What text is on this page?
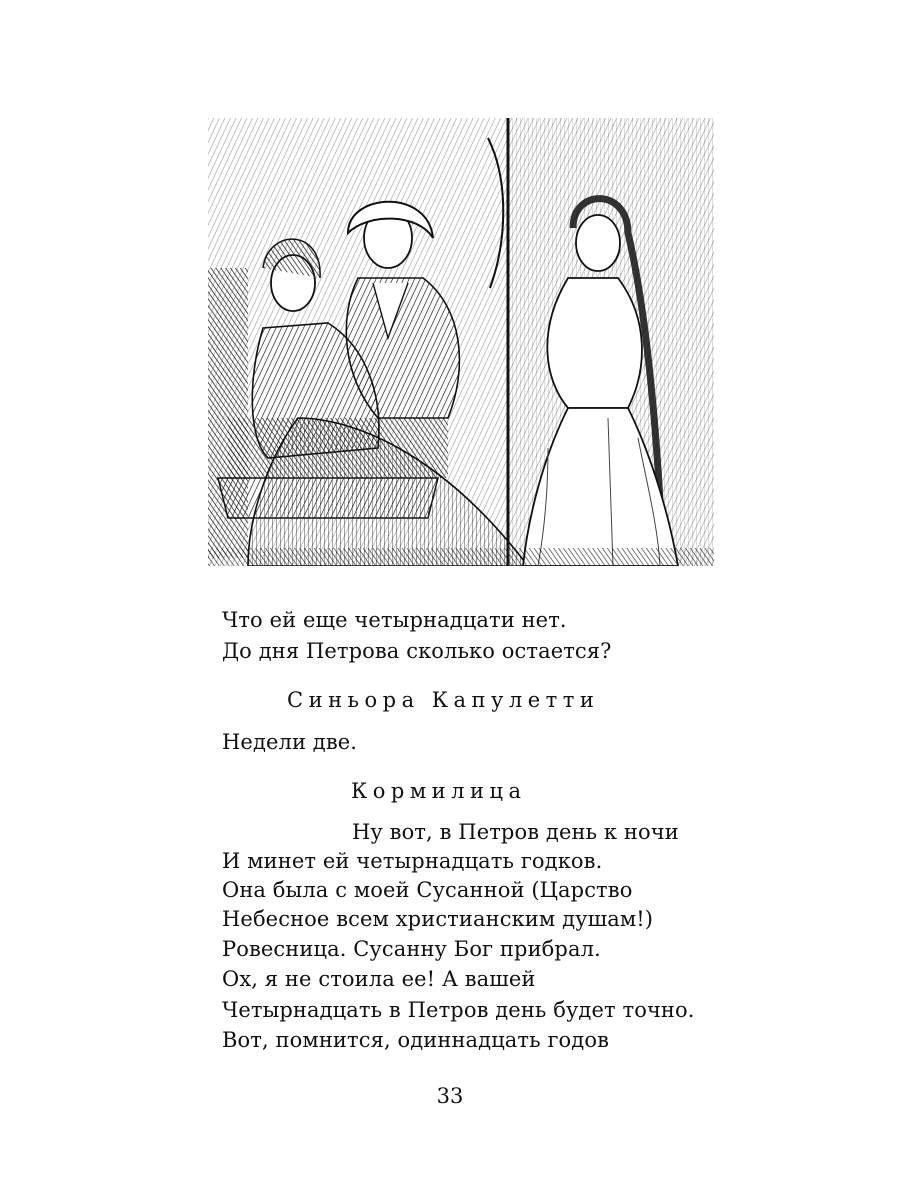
Что ей еще четырнадцати нет.
До дня Петрова сколько остается?
Синьора Капулетти
Недели две.
Кормилица
Ну вот, в Петров день к ночи
И минет ей четырнадцать годков.
Она была с моей Сусанной (Царство
Небесное всем христианским душам!)
Ровесница. Сусанну Бог прибрал.
Ох, я не стоила ее! А вашей
Четырнадцать в Петров день будет точно.
Вот, помнится, одиннадцать годов
33
